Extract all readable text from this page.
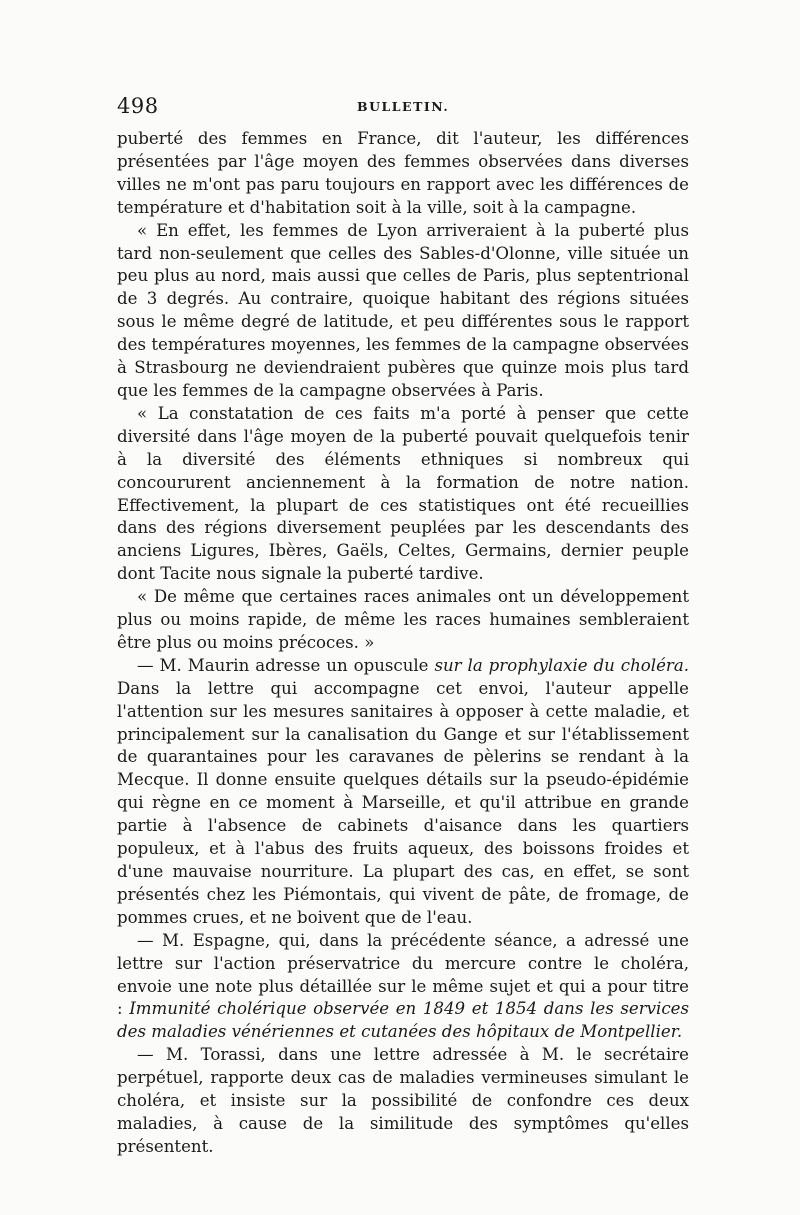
498	BULLETIN.

puberté des femmes en France, dit l'auteur, les différences présentées par l'âge moyen des femmes observées dans diverses villes ne m'ont pas paru toujours en rapport avec les différences de température et d'habitation soit à la ville, soit à la campagne.

« En effet, les femmes de Lyon arriveraient à la puberté plus tard non-seulement que celles des Sables-d'Olonne, ville située un peu plus au nord, mais aussi que celles de Paris, plus septentrional de 3 degrés. Au contraire, quoique habitant des régions situées sous le même degré de latitude, et peu différentes sous le rapport des températures moyennes, les femmes de la campagne observées à Strasbourg ne deviendraient pubères que quinze mois plus tard que les femmes de la campagne observées à Paris.

« La constatation de ces faits m'a porté à penser que cette diversité dans l'âge moyen de la puberté pouvait quelquefois tenir à la diversité des éléments ethniques si nombreux qui concoururent anciennement à la formation de notre nation. Effectivement, la plupart de ces statistiques ont été recueillies dans des régions diversement peuplées par les descendants des anciens Ligures, Ibères, Gaëls, Celtes, Germains, dernier peuple dont Tacite nous signale la puberté tardive.

« De même que certaines races animales ont un développement plus ou moins rapide, de même les races humaines sembleraient être plus ou moins précoces. »

— M. Maurin adresse un opuscule sur la prophylaxie du choléra. Dans la lettre qui accompagne cet envoi, l'auteur appelle l'attention sur les mesures sanitaires à opposer à cette maladie, et principalement sur la canalisation du Gange et sur l'établissement de quarantaines pour les caravanes de pèlerins se rendant à la Mecque. Il donne ensuite quelques détails sur la pseudo-épidémie qui règne en ce moment à Marseille, et qu'il attribue en grande partie à l'absence de cabinets d'aisance dans les quartiers populeux, et à l'abus des fruits aqueux, des boissons froides et d'une mauvaise nourriture. La plupart des cas, en effet, se sont présentés chez les Piémontais, qui vivent de pâte, de fromage, de pommes crues, et ne boivent que de l'eau.

— M. Espagne, qui, dans la précédente séance, a adressé une lettre sur l'action préservatrice du mercure contre le choléra, envoie une note plus détaillée sur le même sujet et qui a pour titre : Immunité cholérique observée en 1849 et 1854 dans les services des maladies vénériennes et cutanées des hôpitaux de Montpellier.

— M. Torassi, dans une lettre adressée à M. le secrétaire perpétuel, rapporte deux cas de maladies vermineuses simulant le choléra, et insiste sur la possibilité de confondre ces deux maladies, à cause de la similitude des symptômes qu'elles présentent.
